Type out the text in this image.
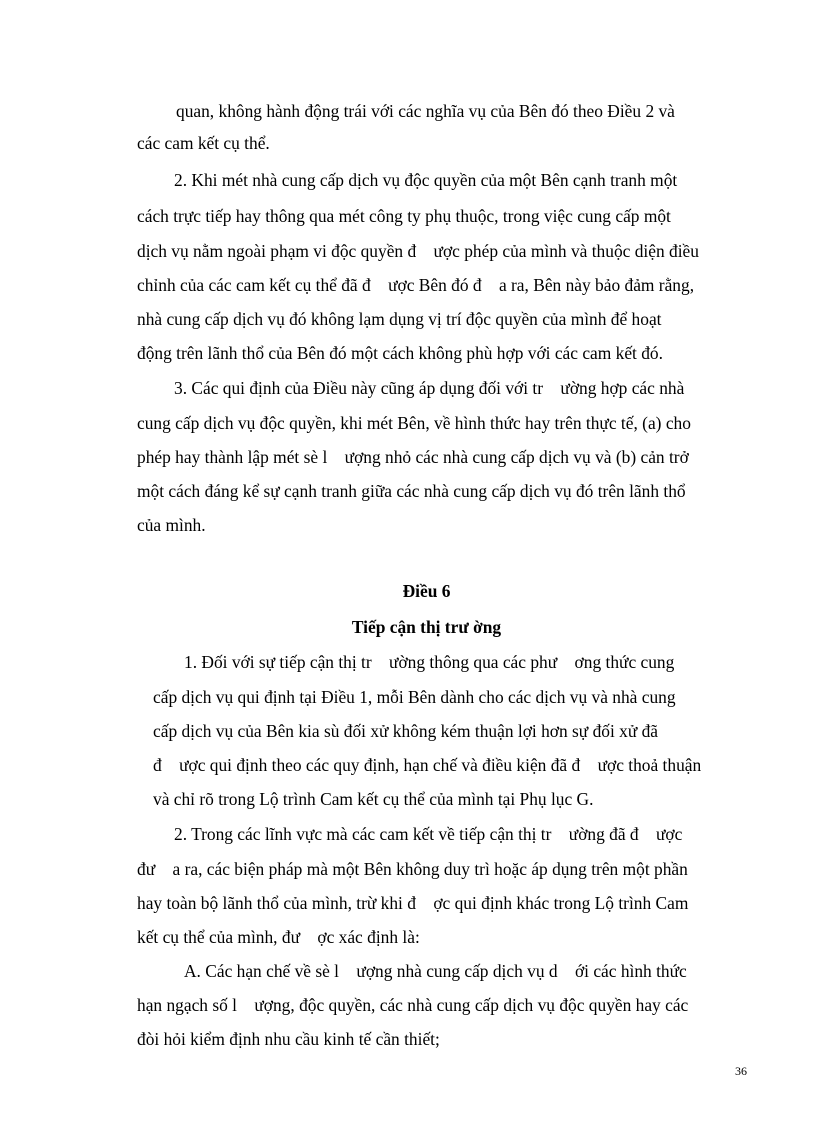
quan, không hành động trái với các nghĩa vụ của Bên đó theo Điều 2 và
các cam kết cụ thể.
2. Khi mét nhà cung cấp dịch vụ độc quyền của một Bên cạnh tranh một
cách trực tiếp hay thông qua mét công ty phụ thuộc, trong việc cung cấp một
dịch vụ nằm ngoài phạm vi độc quyền đ    ược phép của mình và thuộc diện điều
chỉnh của các cam kết cụ thể đã đ    ược Bên đó đ    a ra, Bên này bảo đảm rằng,
nhà cung cấp dịch vụ đó không lạm dụng vị trí độc quyền của mình để hoạt
động trên lãnh thổ của Bên đó một cách không phù hợp với các cam kết đó.
3. Các qui định của Điều này cũng áp dụng đối với tr    ường hợp các nhà
cung cấp dịch vụ độc quyền, khi mét Bên, về hình thức hay trên thực tế, (a) cho
phép hay thành lập mét sè l    ượng nhỏ các nhà cung cấp dịch vụ và (b) cản trở
một cách đáng kể sự cạnh tranh giữa các nhà cung cấp dịch vụ đó trên lãnh thổ
của mình.
Điều 6
Tiếp cận thị trư ờng
1. Đối với sự tiếp cận thị tr    ường thông qua các phư    ơng thức cung
cấp dịch vụ qui định tại Điều 1, mỗi Bên dành cho các dịch vụ và nhà cung
cấp dịch vụ của Bên kia sù đối xử không kém thuận lợi hơn sự đối xử đã
đ    ược qui định theo các quy định, hạn chế và điều kiện đã đ    ược thoả thuận
và chỉ rõ trong Lộ trình Cam kết cụ thể của mình tại Phụ lục G.
2. Trong các lĩnh vực mà các cam kết về tiếp cận thị tr    ường đã đ    ược
đư    a ra, các biện pháp mà một Bên không duy trì hoặc áp dụng trên một phần
hay toàn bộ lãnh thổ của mình, trừ khi đ    ợc qui định khác trong Lộ trình Cam
kết cụ thể của mình, đư    ợc xác định là:
A. Các hạn chế về sè l    ượng nhà cung cấp dịch vụ d    ới các hình thức
hạn ngạch số l    ượng, độc quyền, các nhà cung cấp dịch vụ độc quyền hay các
đòi hỏi kiểm định nhu cầu kinh tế cần thiết;
36
